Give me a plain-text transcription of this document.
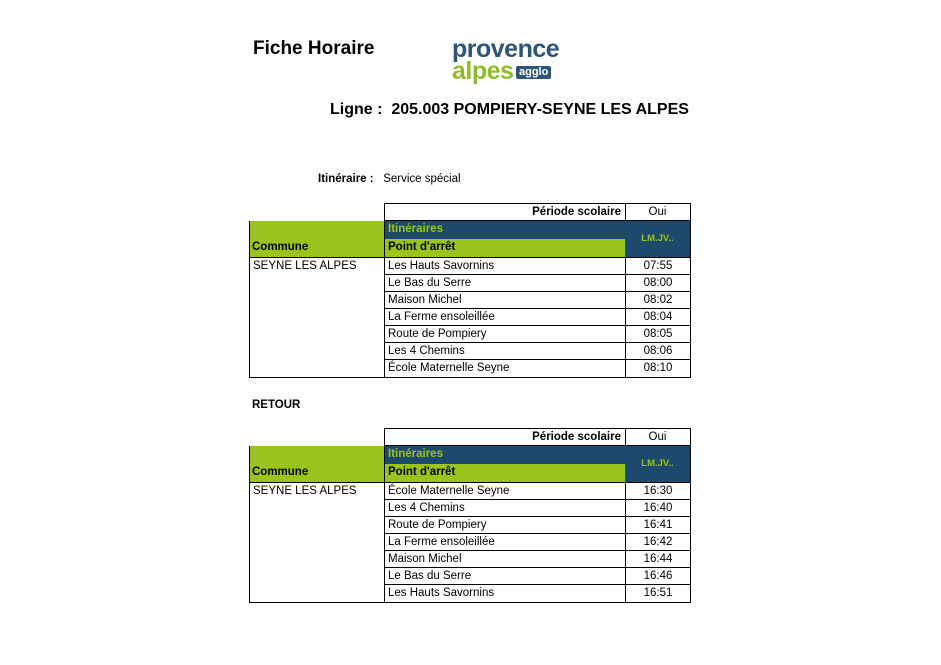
Fiche Horaire	provence
alpes agglo
Ligne : 205.003 POMPIERY-SEYNE LES ALPES
Itinéraire : Service spécial
Période scolaire	Oui
Commune
Itinéraires
Point d'arrêt
LM.JV..
SEYNE LES ALPES	Les Hauts Savornins	07:55
Le Bas du Serre	08:00
Maison Michel	08:02
La Ferme ensoleillée	08:04
Route de Pompiery	08:05
Les 4 Chemins	08:06
École Maternelle Seyne	08:10
RETOUR
Période scolaire	Oui
Commune
Itinéraires
Point d'arrêt
LM.JV..
SEYNE LES ALPES	École Maternelle Seyne	16:30
Les 4 Chemins	16:40
Route de Pompiery	16:41
La Ferme ensoleillée	16:42
Maison Michel	16:44
Le Bas du Serre	16:46
Les Hauts Savornins	16:51
